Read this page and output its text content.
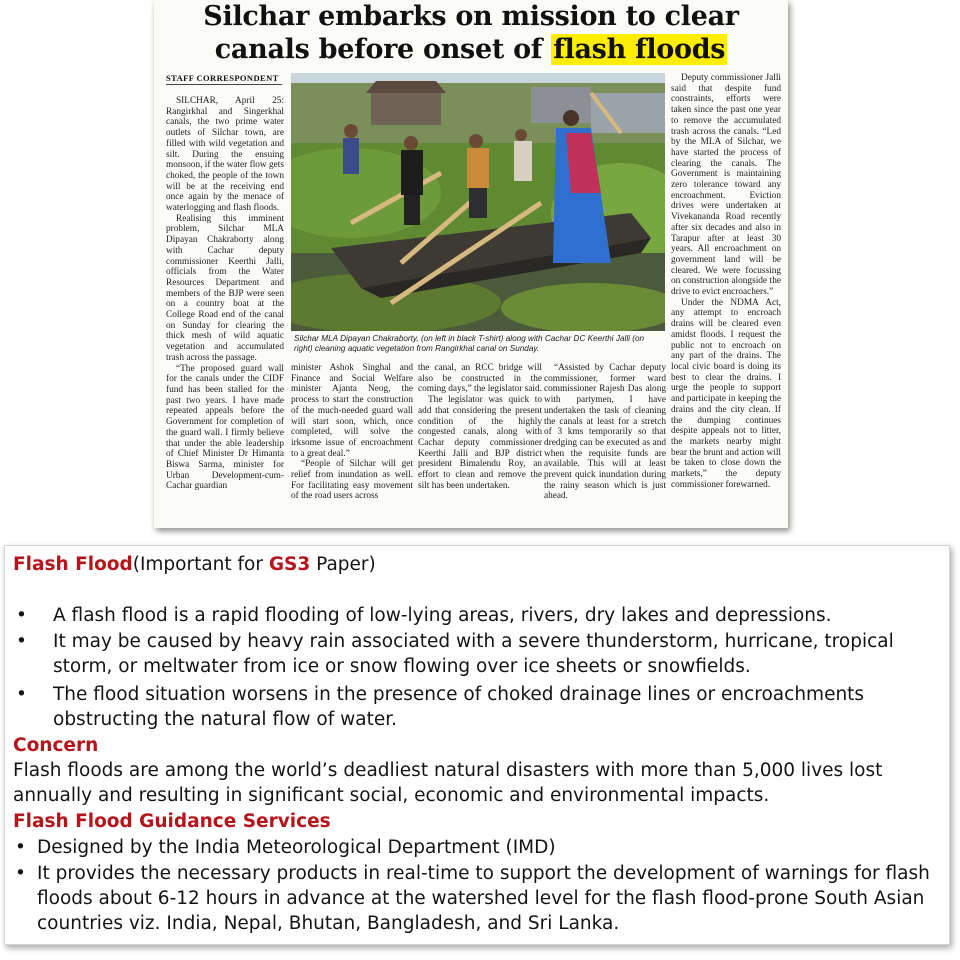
Silchar embarks on mission to clear
canals before onset of flash floods
STAFF CORRESPONDENT

SILCHAR, April 25: Rangirkhal and Singerkhal canals, the two prime water outlets of Silchar town, are filled with wild vegetation and silt. During the ensuing monsoon, if the water flow gets choked, the people of the town will be at the receiving end once again by the menace of waterlogging and flash floods.

Realising this imminent problem, Silchar MLA Dipayan Chakraborty along with Cachar deputy commissioner Keerthi Jalli, officials from the Water Resources Department and members of the BJP were seen on a country boat at the College Road end of the canal on Sunday for clearing the thick mesh of wild aquatic vegetation and accumulated trash across the passage.

“The proposed guard wall for the canals under the CIDF fund has been stalled for the past two years. I have made repeated appeals before the Government for completion of the guard wall. I firmly believe that under the able leadership of Chief Minister Dr Himanta Biswa Sarma, minister for Urban Development-cum-Cachar guardian

Silchar MLA Dipayan Chakraborty, (on left in black T-shirt) along with Cachar DC Keerthi Jalli (on right) cleaning aquatic vegetation from Rangirkhal canal on Sunday.

minister Ashok Singhal and Finance and Social Welfare minister Ajanta Neog, the process to start the construction of the much-needed guard wall will start soon, which, once completed, will solve the irksome issue of encroachment to a great deal.”

“People of Silchar will get relief from inundation as well. For facilitating easy movement of the road users across

the canal, an RCC bridge will also be constructed in the coming days,” the legislator said.

The legislator was quick to add that considering the present condition of the highly congested canals, along with Cachar deputy commissioner Keerthi Jalli and BJP district president Bimalendu Roy, an effort to clean and remove the silt has been undertaken.

“Assisted by Cachar deputy commissioner, former ward commissioner Rajesh Das along with partymen, I have undertaken the task of cleaning the canals at least for a stretch of 3 kms temporarily so that dredging can be executed as and when the requisite funds are available. This will at least prevent quick inundation during the rainy season which is just ahead.

Deputy commissioner Jalli said that despite fund constraints, efforts were taken since the past one year to remove the accumulated trash across the canals. “Led by the MLA of Silchar, we have started the process of clearing the canals. The Government is maintaining zero tolerance toward any encroachment. Eviction drives were undertaken at Vivekananda Road recently after six decades and also in Tarapur after at least 30 years. All encroachment on government land will be cleared. We were focussing on construction alongside the drive to evict encroachers.”

Under the NDMA Act, any attempt to encroach drains will be cleared even amidst floods. I request the public not to encroach on any part of the drains. The local civic board is doing its best to clear the drains. I urge the people to support and participate in keeping the drains and the city clean. If the dumping continues despite appeals not to litter, the markets nearby might bear the brunt and action will be taken to close down the markets,” the deputy commissioner forewarned.

Flash Flood(Important for GS3 Paper)
• A flash flood is a rapid flooding of low-lying areas, rivers, dry lakes and depressions.
• It may be caused by heavy rain associated with a severe thunderstorm, hurricane, tropical storm, or meltwater from ice or snow flowing over ice sheets or snowfields.
• The flood situation worsens in the presence of choked drainage lines or encroachments obstructing the natural flow of water.
Concern
Flash floods are among the world’s deadliest natural disasters with more than 5,000 lives lost annually and resulting in significant social, economic and environmental impacts.
Flash Flood Guidance Services
• Designed by the India Meteorological Department (IMD)
• It provides the necessary products in real-time to support the development of warnings for flash floods about 6-12 hours in advance at the watershed level for the flash flood-prone South Asian countries viz. India, Nepal, Bhutan, Bangladesh, and Sri Lanka.
